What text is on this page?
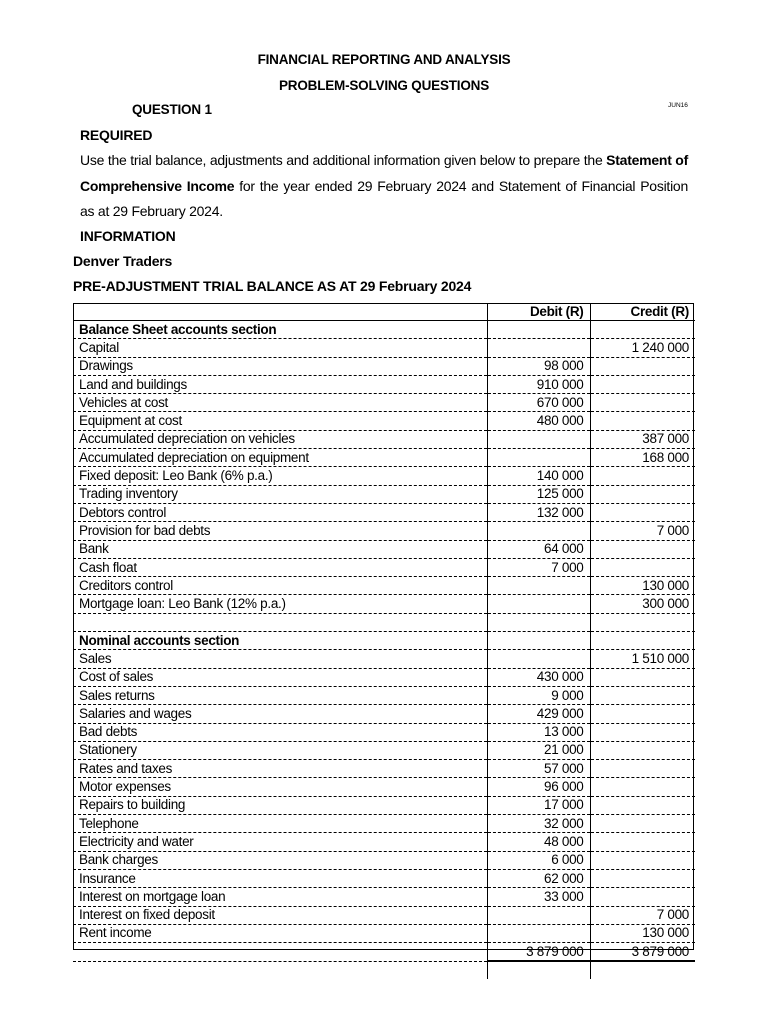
FINANCIAL REPORTING AND ANALYSIS
PROBLEM-SOLVING QUESTIONS
QUESTION 1	JUN16
REQUIRED
Use the trial balance, adjustments and additional information given below to prepare the Statement of Comprehensive Income for the year ended 29 February 2024 and Statement of Financial Position as at 29 February 2024.
INFORMATION
Denver Traders
PRE-ADJUSTMENT TRIAL BALANCE AS AT 29 February 2024
	Debit (R)	Credit (R)
Balance Sheet accounts section		
Capital		1 240 000
Drawings	98 000	
Land and buildings	910 000	
Vehicles at cost	670 000	
Equipment at cost	480 000	
Accumulated depreciation on vehicles		387 000
Accumulated depreciation on equipment		168 000
Fixed deposit: Leo Bank (6% p.a.)	140 000	
Trading inventory	125 000	
Debtors control	132 000	
Provision for bad debts		7 000
Bank	64 000	
Cash float	7 000	
Creditors control		130 000
Mortgage loan: Leo Bank (12% p.a.)		300 000

Nominal accounts section		
Sales		1 510 000
Cost of sales	430 000	
Sales returns	9 000	
Salaries and wages	429 000	
Bad debts	13 000	
Stationery	21 000	
Rates and taxes	57 000	
Motor expenses	96 000	
Repairs to building	17 000	
Telephone	32 000	
Electricity and water	48 000	
Bank charges	6 000	
Insurance	62 000	
Interest on mortgage loan	33 000	
Interest on fixed deposit		7 000
Rent income		130 000
	3 879 000	3 879 000
